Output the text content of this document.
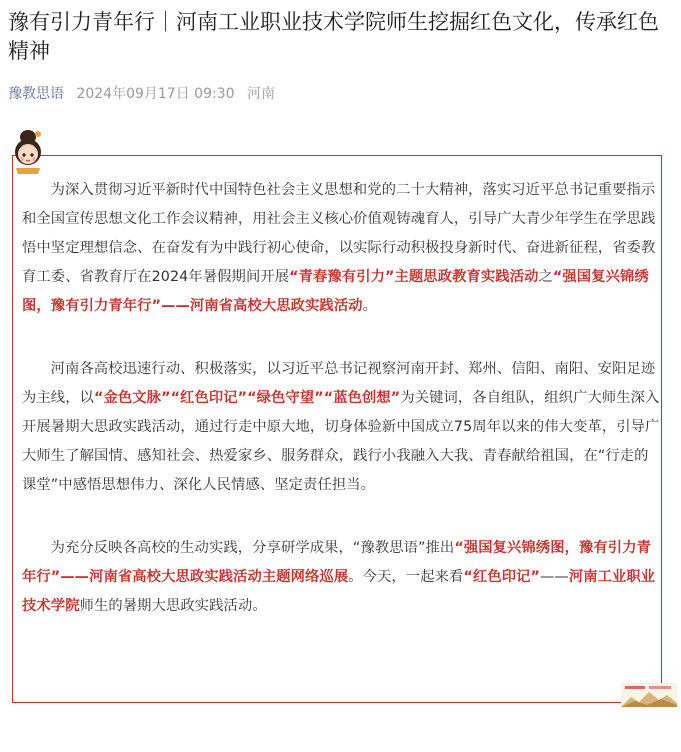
豫有引力青年行｜河南工业职业技术学院师生挖掘红色文化，传承红色精神
豫教思语 2024年09月17日 09:30 河南

为深入贯彻习近平新时代中国特色社会主义思想和党的二十大精神，落实习近平总书记重要指示和全国宣传思想文化工作会议精神，用社会主义核心价值观铸魂育人，引导广大青少年学生在学思践悟中坚定理想信念、在奋发有为中践行初心使命，以实际行动积极投身新时代、奋进新征程，省委教育工委、省教育厅在2024年暑假期间开展“青春豫有引力”主题思政教育实践活动之“强国复兴锦绣图，豫有引力青年行”——河南省高校大思政实践活动。

河南各高校迅速行动、积极落实，以习近平总书记视察河南开封、郑州、信阳、南阳、安阳足迹为主线，以“金色文脉”“红色印记”“绿色守望”“蓝色创想”为关键词，各自组队，组织广大师生深入开展暑期大思政实践活动，通过行走中原大地，切身体验新中国成立75周年以来的伟大变革，引导广大师生了解国情、感知社会、热爱家乡、服务群众，践行小我融入大我、青春献给祖国，在“行走的课堂”中感悟思想伟力、深化人民情感、坚定责任担当。

为充分反映各高校的生动实践，分享研学成果，“豫教思语”推出“强国复兴锦绣图，豫有引力青年行”——河南省高校大思政实践活动主题网络巡展。今天，一起来看“红色印记”——河南工业职业技术学院师生的暑期大思政实践活动。
